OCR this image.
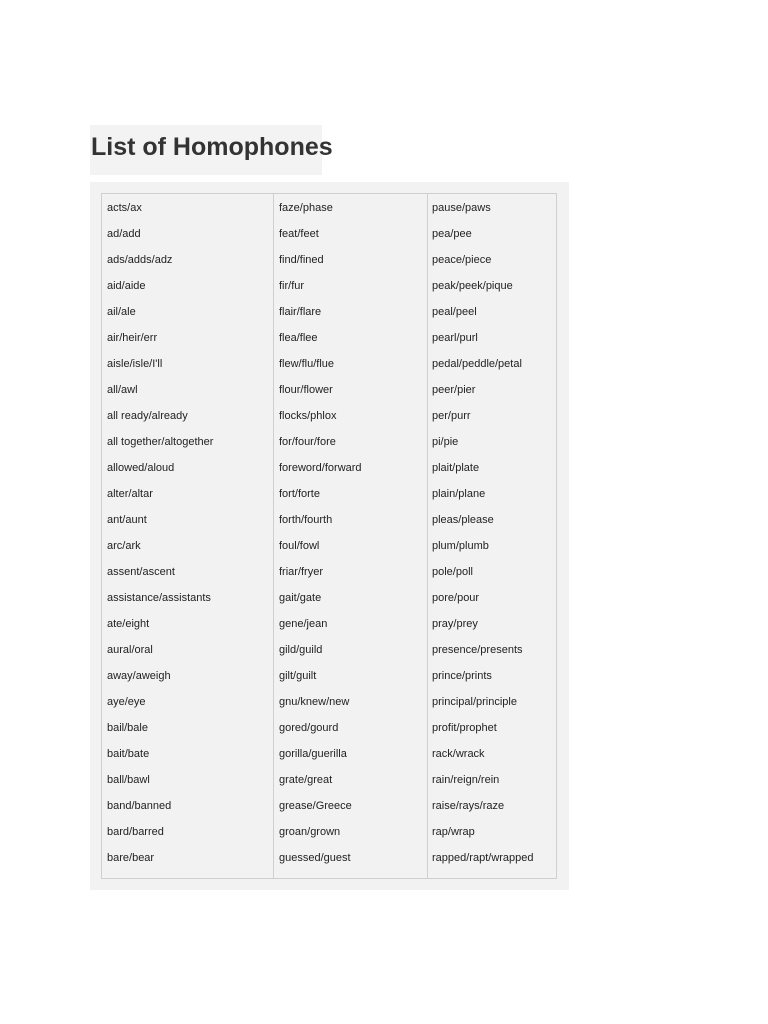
List of Homophones
acts/ax
ad/add
ads/adds/adz
aid/aide
ail/ale
air/heir/err
aisle/isle/I'll
all/awl
all ready/already
all together/altogether
allowed/aloud
alter/altar
ant/aunt
arc/ark
assent/ascent
assistance/assistants
ate/eight
aural/oral
away/aweigh
aye/eye
bail/bale
bait/bate
ball/bawl
band/banned
bard/barred
bare/bear
faze/phase
feat/feet
find/fined
fir/fur
flair/flare
flea/flee
flew/flu/flue
flour/flower
flocks/phlox
for/four/fore
foreword/forward
fort/forte
forth/fourth
foul/fowl
friar/fryer
gait/gate
gene/jean
gild/guild
gilt/guilt
gnu/knew/new
gored/gourd
gorilla/guerilla
grate/great
grease/Greece
groan/grown
guessed/guest
pause/paws
pea/pee
peace/piece
peak/peek/pique
peal/peel
pearl/purl
pedal/peddle/petal
peer/pier
per/purr
pi/pie
plait/plate
plain/plane
pleas/please
plum/plumb
pole/poll
pore/pour
pray/prey
presence/presents
prince/prints
principal/principle
profit/prophet
rack/wrack
rain/reign/rein
raise/rays/raze
rap/wrap
rapped/rapt/wrapped
